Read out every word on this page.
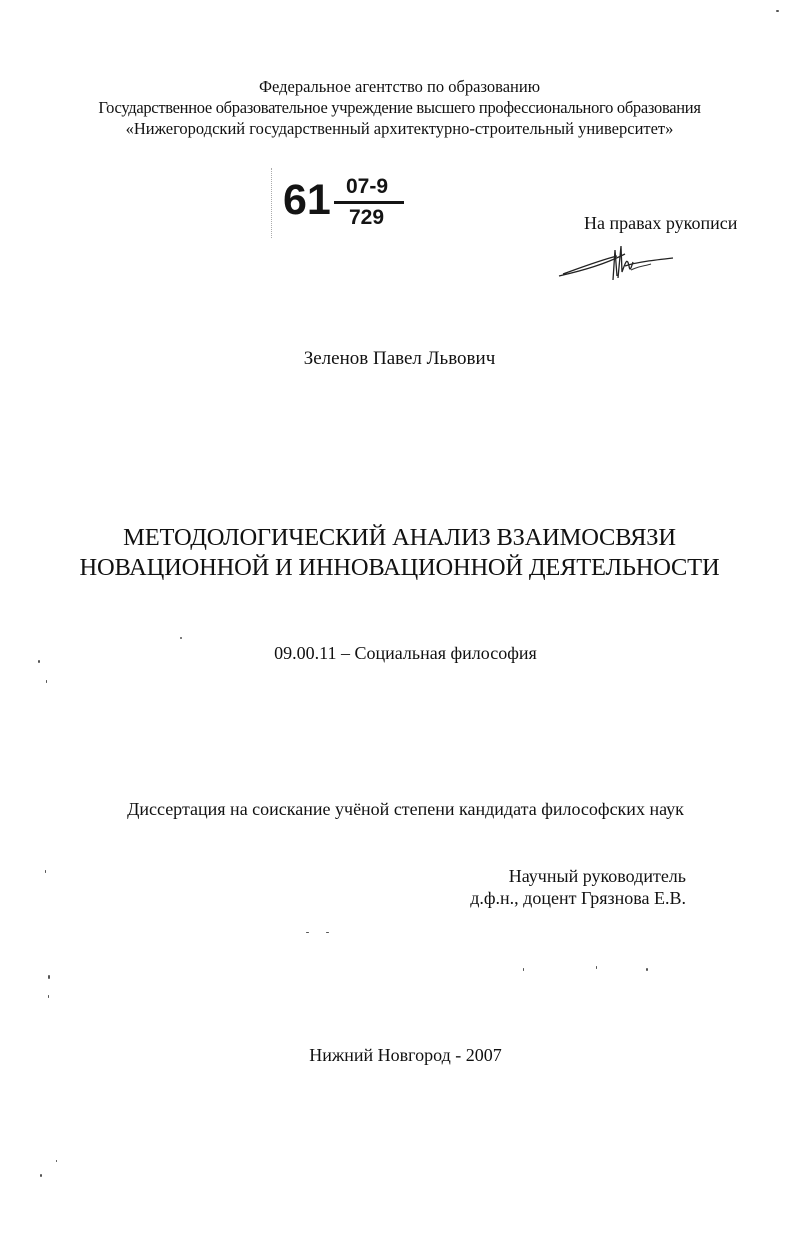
Федеральное агентство по образованию

Государственное образовательное учреждение высшего профессионального образования

«Нижегородский государственный архитектурно-строительный университет»

61 07-9
729	На правах рукописи

Зеленов Павел Львович

МЕТОДОЛОГИЧЕСКИЙ АНАЛИЗ ВЗАИМОСВЯЗИ

НОВАЦИОННОЙ И ИННОВАЦИОННОЙ ДЕЯТЕЛЬНОСТИ

09.00.11 – Социальная философия

Диссертация на соискание учёной степени кандидата философских наук

Научный руководитель

д.ф.н., доцент Грязнова Е.В.

Нижний Новгород - 2007
